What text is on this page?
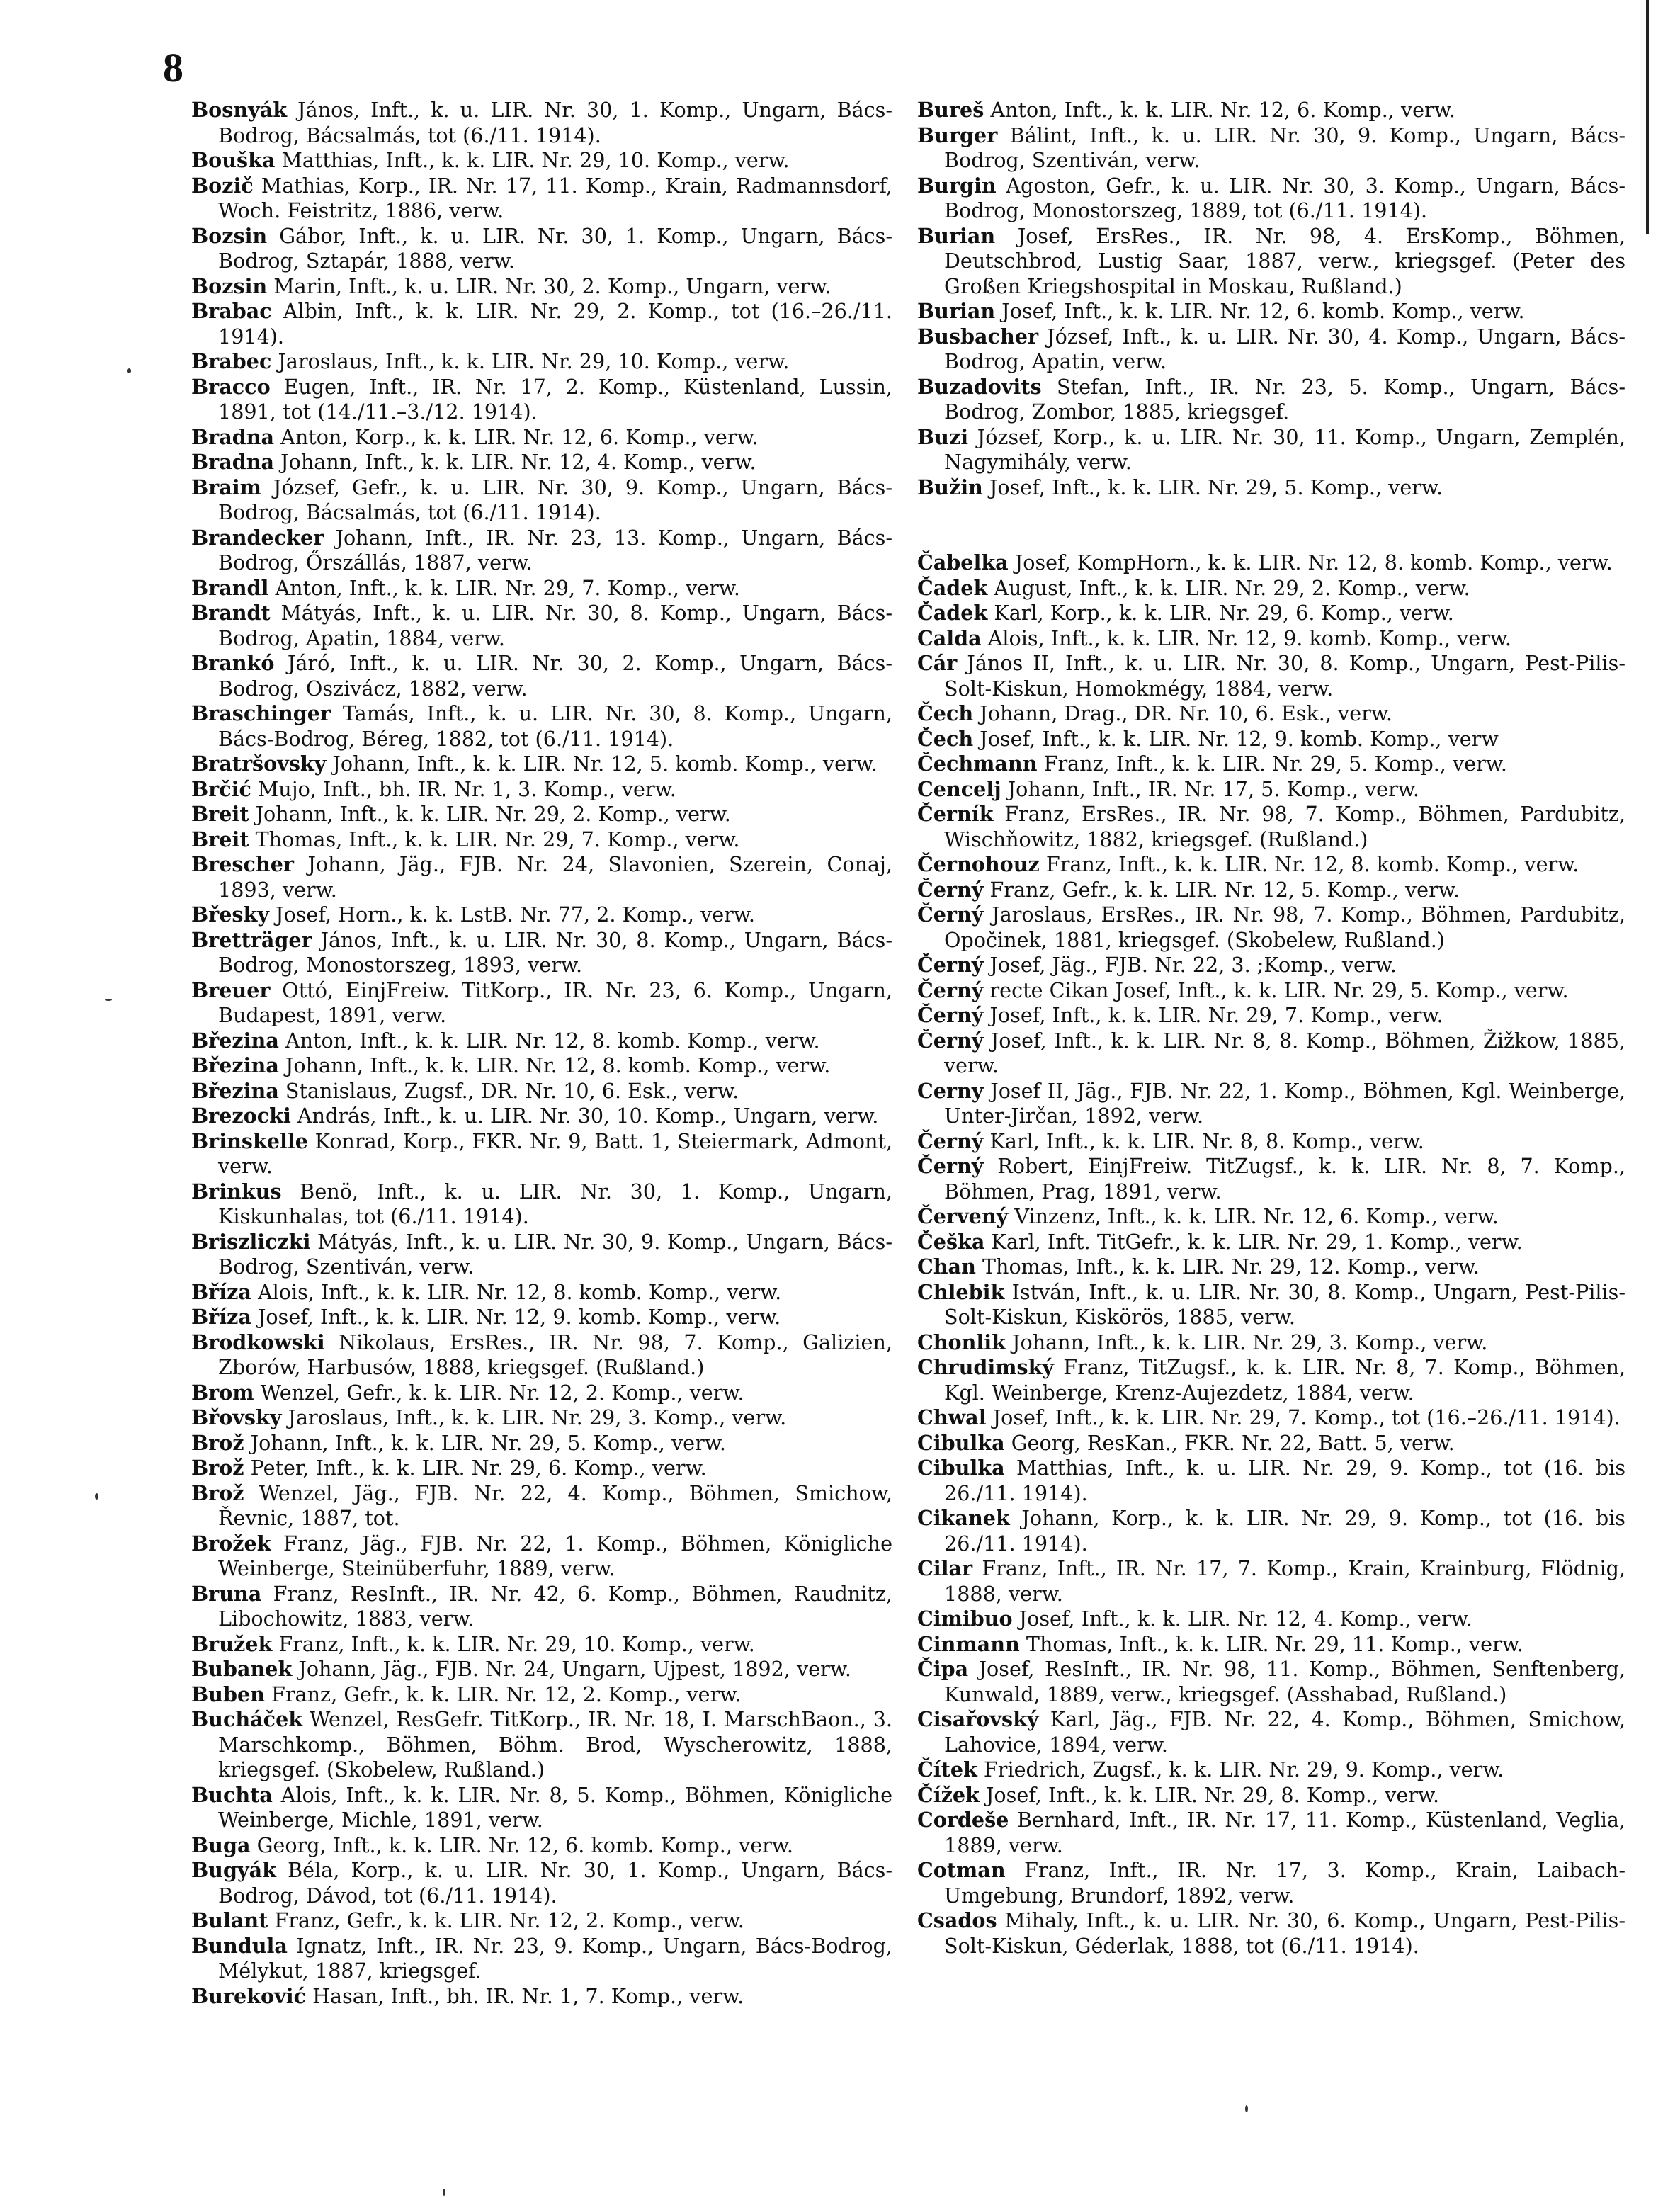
8

Bosnyák János, Inft., k. u. LIR. Nr. 30, 1. Komp., Ungarn, Bács-Bodrog, Bácsalmás, tot (6./11. 1914).

Bouška Matthias, Inft., k. k. LIR. Nr. 29, 10. Komp., verw.

Bozič Mathias, Korp., IR. Nr. 17, 11. Komp., Krain, Radmannsdorf, Woch. Feistritz, 1886, verw.

Bozsin Gábor, Inft., k. u. LIR. Nr. 30, 1. Komp., Ungarn, Bács-Bodrog, Sztapár, 1888, verw.

Bozsin Marin, Inft., k. u. LIR. Nr. 30, 2. Komp., Ungarn, verw.

Brabac Albin, Inft., k. k. LIR. Nr. 29, 2. Komp., tot (16.–26./11. 1914).

Brabec Jaroslaus, Inft., k. k. LIR. Nr. 29, 10. Komp., verw.

Bracco Eugen, Inft., IR. Nr. 17, 2. Komp., Küstenland, Lussin, 1891, tot (14./11.–3./12. 1914).

Bradna Anton, Korp., k. k. LIR. Nr. 12, 6. Komp., verw.

Bradna Johann, Inft., k. k. LIR. Nr. 12, 4. Komp., verw.

Braim József, Gefr., k. u. LIR. Nr. 30, 9. Komp., Ungarn, Bács-Bodrog, Bácsalmás, tot (6./11. 1914).

Brandecker Johann, Inft., IR. Nr. 23, 13. Komp., Ungarn, Bács-Bodrog, Őrszállás, 1887, verw.

Brandl Anton, Inft., k. k. LIR. Nr. 29, 7. Komp., verw.

Brandt Mátyás, Inft., k. u. LIR. Nr. 30, 8. Komp., Ungarn, Bács-Bodrog, Apatin, 1884, verw.

Brankó Járó, Inft., k. u. LIR. Nr. 30, 2. Komp., Ungarn, Bács-Bodrog, Oszivácz, 1882, verw.

Braschinger Tamás, Inft., k. u. LIR. Nr. 30, 8. Komp., Ungarn, Bács-Bodrog, Béreg, 1882, tot (6./11. 1914).

Bratršovsky Johann, Inft., k. k. LIR. Nr. 12, 5. komb. Komp., verw.

Brčić Mujo, Inft., bh. IR. Nr. 1, 3. Komp., verw.

Breit Johann, Inft., k. k. LIR. Nr. 29, 2. Komp., verw.

Breit Thomas, Inft., k. k. LIR. Nr. 29, 7. Komp., verw.

Brescher Johann, Jäg., FJB. Nr. 24, Slavonien, Szerein, Conaj, 1893, verw.

Břesky Josef, Horn., k. k. LstB. Nr. 77, 2. Komp., verw.

Bretträger János, Inft., k. u. LIR. Nr. 30, 8. Komp., Ungarn, Bács-Bodrog, Monostorszeg, 1893, verw.

Breuer Ottó, EinjFreiw. TitKorp., IR. Nr. 23, 6. Komp., Ungarn, Budapest, 1891, verw.

Březina Anton, Inft., k. k. LIR. Nr. 12, 8. komb. Komp., verw.

Březina Johann, Inft., k. k. LIR. Nr. 12, 8. komb. Komp., verw.

Březina Stanislaus, Zugsf., DR. Nr. 10, 6. Esk., verw.

Brezocki András, Inft., k. u. LIR. Nr. 30, 10. Komp., Ungarn, verw.

Brinskelle Konrad, Korp., FKR. Nr. 9, Batt. 1, Steiermark, Admont, verw.

Brinkus Benö, Inft., k. u. LIR. Nr. 30, 1. Komp., Ungarn, Kiskunhalas, tot (6./11. 1914).

Briszliczki Mátyás, Inft., k. u. LIR. Nr. 30, 9. Komp., Ungarn, Bács-Bodrog, Szentiván, verw.

Bříza Alois, Inft., k. k. LIR. Nr. 12, 8. komb. Komp., verw.

Bříza Josef, Inft., k. k. LIR. Nr. 12, 9. komb. Komp., verw.

Brodkowski Nikolaus, ErsRes., IR. Nr. 98, 7. Komp., Galizien, Zborów, Harbusów, 1888, kriegsgef. (Rußland.)

Brom Wenzel, Gefr., k. k. LIR. Nr. 12, 2. Komp., verw.

Břovsky Jaroslaus, Inft., k. k. LIR. Nr. 29, 3. Komp., verw.

Brož Johann, Inft., k. k. LIR. Nr. 29, 5. Komp., verw.

Brož Peter, Inft., k. k. LIR. Nr. 29, 6. Komp., verw.

Brož Wenzel, Jäg., FJB. Nr. 22, 4. Komp., Böhmen, Smichow, Řevnic, 1887, tot.

Brožek Franz, Jäg., FJB. Nr. 22, 1. Komp., Böhmen, Königliche Weinberge, Steinüberfuhr, 1889, verw.

Bruna Franz, ResInft., IR. Nr. 42, 6. Komp., Böhmen, Raudnitz, Libochowitz, 1883, verw.

Bružek Franz, Inft., k. k. LIR. Nr. 29, 10. Komp., verw.

Bubanek Johann, Jäg., FJB. Nr. 24, Ungarn, Ujpest, 1892, verw.

Buben Franz, Gefr., k. k. LIR. Nr. 12, 2. Komp., verw.

Bucháček Wenzel, ResGefr. TitKorp., IR. Nr. 18, I. MarschBaon., 3. Marschkomp., Böhmen, Böhm. Brod, Wyscherowitz, 1888, kriegsgef. (Skobelew, Rußland.)

Buchta Alois, Inft., k. k. LIR. Nr. 8, 5. Komp., Böhmen, Königliche Weinberge, Michle, 1891, verw.

Buga Georg, Inft., k. k. LIR. Nr. 12, 6. komb. Komp., verw.

Bugyák Béla, Korp., k. u. LIR. Nr. 30, 1. Komp., Ungarn, Bács-Bodrog, Dávod, tot (6./11. 1914).

Bulant Franz, Gefr., k. k. LIR. Nr. 12, 2. Komp., verw.

Bundula Ignatz, Inft., IR. Nr. 23, 9. Komp., Ungarn, Bács-Bodrog, Mélykut, 1887, kriegsgef.

Bureković Hasan, Inft., bh. IR. Nr. 1, 7. Komp., verw.

Bureš Anton, Inft., k. k. LIR. Nr. 12, 6. Komp., verw.

Burger Bálint, Inft., k. u. LIR. Nr. 30, 9. Komp., Ungarn, Bács-Bodrog, Szentiván, verw.

Burgin Agoston, Gefr., k. u. LIR. Nr. 30, 3. Komp., Ungarn, Bács-Bodrog, Monostorszeg, 1889, tot (6./11. 1914).

Burian Josef, ErsRes., IR. Nr. 98, 4. ErsKomp., Böhmen, Deutschbrod, Lustig Saar, 1887, verw., kriegsgef. (Peter des Großen Kriegshospital in Moskau, Rußland.)

Burian Josef, Inft., k. k. LIR. Nr. 12, 6. komb. Komp., verw.

Busbacher József, Inft., k. u. LIR. Nr. 30, 4. Komp., Ungarn, Bács-Bodrog, Apatin, verw.

Buzadovits Stefan, Inft., IR. Nr. 23, 5. Komp., Ungarn, Bács-Bodrog, Zombor, 1885, kriegsgef.

Buzi József, Korp., k. u. LIR. Nr. 30, 11. Komp., Ungarn, Zemplén, Nagymihály, verw.

Bužin Josef, Inft., k. k. LIR. Nr. 29, 5. Komp., verw.

Čabelka Josef, KompHorn., k. k. LIR. Nr. 12, 8. komb. Komp., verw.

Čadek August, Inft., k. k. LIR. Nr. 29, 2. Komp., verw.

Čadek Karl, Korp., k. k. LIR. Nr. 29, 6. Komp., verw.

Calda Alois, Inft., k. k. LIR. Nr. 12, 9. komb. Komp., verw.

Cár János II, Inft., k. u. LIR. Nr. 30, 8. Komp., Ungarn, Pest-Pilis-Solt-Kiskun, Homokmégy, 1884, verw.

Čech Johann, Drag., DR. Nr. 10, 6. Esk., verw.

Čech Josef, Inft., k. k. LIR. Nr. 12, 9. komb. Komp., verw

Čechmann Franz, Inft., k. k. LIR. Nr. 29, 5. Komp., verw.

Cencelj Johann, Inft., IR. Nr. 17, 5. Komp., verw.

Černík Franz, ErsRes., IR. Nr. 98, 7. Komp., Böhmen, Pardubitz, Wischňowitz, 1882, kriegsgef. (Rußland.)

Černohouz Franz, Inft., k. k. LIR. Nr. 12, 8. komb. Komp., verw.

Černý Franz, Gefr., k. k. LIR. Nr. 12, 5. Komp., verw.

Černý Jaroslaus, ErsRes., IR. Nr. 98, 7. Komp., Böhmen, Pardubitz, Opočinek, 1881, kriegsgef. (Skobelew, Rußland.)

Černý Josef, Jäg., FJB. Nr. 22, 3. ;Komp., verw.

Černý recte Cikan Josef, Inft., k. k. LIR. Nr. 29, 5. Komp., verw.

Černý Josef, Inft., k. k. LIR. Nr. 29, 7. Komp., verw.

Černý Josef, Inft., k. k. LIR. Nr. 8, 8. Komp., Böhmen, Žižkow, 1885, verw.

Cerny Josef II, Jäg., FJB. Nr. 22, 1. Komp., Böhmen, Kgl. Weinberge, Unter-Jirčan, 1892, verw.

Černý Karl, Inft., k. k. LIR. Nr. 8, 8. Komp., verw.

Černý Robert, EinjFreiw. TitZugsf., k. k. LIR. Nr. 8, 7. Komp., Böhmen, Prag, 1891, verw.

Červený Vinzenz, Inft., k. k. LIR. Nr. 12, 6. Komp., verw.

Češka Karl, Inft. TitGefr., k. k. LIR. Nr. 29, 1. Komp., verw.

Chan Thomas, Inft., k. k. LIR. Nr. 29, 12. Komp., verw.

Chlebik István, Inft., k. u. LIR. Nr. 30, 8. Komp., Ungarn, Pest-Pilis-Solt-Kiskun, Kiskörös, 1885, verw.

Chonlik Johann, Inft., k. k. LIR. Nr. 29, 3. Komp., verw.

Chrudimský Franz, TitZugsf., k. k. LIR. Nr. 8, 7. Komp., Böhmen, Kgl. Weinberge, Krenz-Aujezdetz, 1884, verw.

Chwal Josef, Inft., k. k. LIR. Nr. 29, 7. Komp., tot (16.–26./11. 1914).

Cibulka Georg, ResKan., FKR. Nr. 22, Batt. 5, verw.

Cibulka Matthias, Inft., k. u. LIR. Nr. 29, 9. Komp., tot (16. bis 26./11. 1914).

Cikanek Johann, Korp., k. k. LIR. Nr. 29, 9. Komp., tot (16. bis 26./11. 1914).

Cilar Franz, Inft., IR. Nr. 17, 7. Komp., Krain, Krainburg, Flödnig, 1888, verw.

Cimibuo Josef, Inft., k. k. LIR. Nr. 12, 4. Komp., verw.

Cinmann Thomas, Inft., k. k. LIR. Nr. 29, 11. Komp., verw.

Čipa Josef, ResInft., IR. Nr. 98, 11. Komp., Böhmen, Senftenberg, Kunwald, 1889, verw., kriegsgef. (Asshabad, Rußland.)

Cisařovský Karl, Jäg., FJB. Nr. 22, 4. Komp., Böhmen, Smichow, Lahovice, 1894, verw.

Čítek Friedrich, Zugsf., k. k. LIR. Nr. 29, 9. Komp., verw.

Čížek Josef, Inft., k. k. LIR. Nr. 29, 8. Komp., verw.

Cordeše Bernhard, Inft., IR. Nr. 17, 11. Komp., Küstenland, Veglia, 1889, verw.

Cotman Franz, Inft., IR. Nr. 17, 3. Komp., Krain, Laibach-Umgebung, Brundorf, 1892, verw.

Csados Mihaly, Inft., k. u. LIR. Nr. 30, 6. Komp., Ungarn, Pest-Pilis-Solt-Kiskun, Géderlak, 1888, tot (6./11. 1914).
